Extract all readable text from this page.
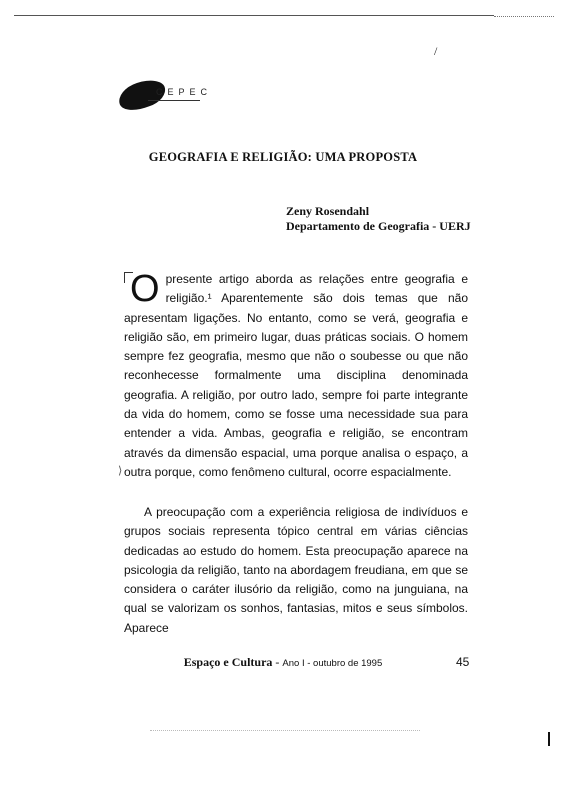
/
CEPEC
GEOGRAFIA E RELIGIÃO: UMA PROPOSTA
Zeny Rosendahl
Departamento de Geografia - UERJ

O presente artigo aborda as relações entre geografia e religião.¹ Aparentemente são dois temas que não apresentam ligações. No entanto, como se verá, geografia e religião são, em primeiro lugar, duas práticas sociais. O homem sempre fez geografia, mesmo que não o soubesse ou que não reconhecesse formalmente uma disciplina denominada geografia. A religião, por outro lado, sempre foi parte integrante da vida do homem, como se fosse uma necessidade sua para entender a vida. Ambas, geografia e religião, se encontram através da dimensão espacial, uma porque analisa o espaço, a outra porque, como fenômeno cultural, ocorre espacialmente.

⟩

A preocupação com a experiência religiosa de indivíduos e grupos sociais representa tópico central em várias ciências dedicadas ao estudo do homem. Esta preocupação aparece na psicologia da religião, tanto na abordagem freudiana, em que se considera o caráter ilusório da religião, como na junguiana, na qual se valorizam os sonhos, fantasias, mitos e seus símbolos. Aparece

Espaço e Cultura - Ano I - outubro de 1995	45
